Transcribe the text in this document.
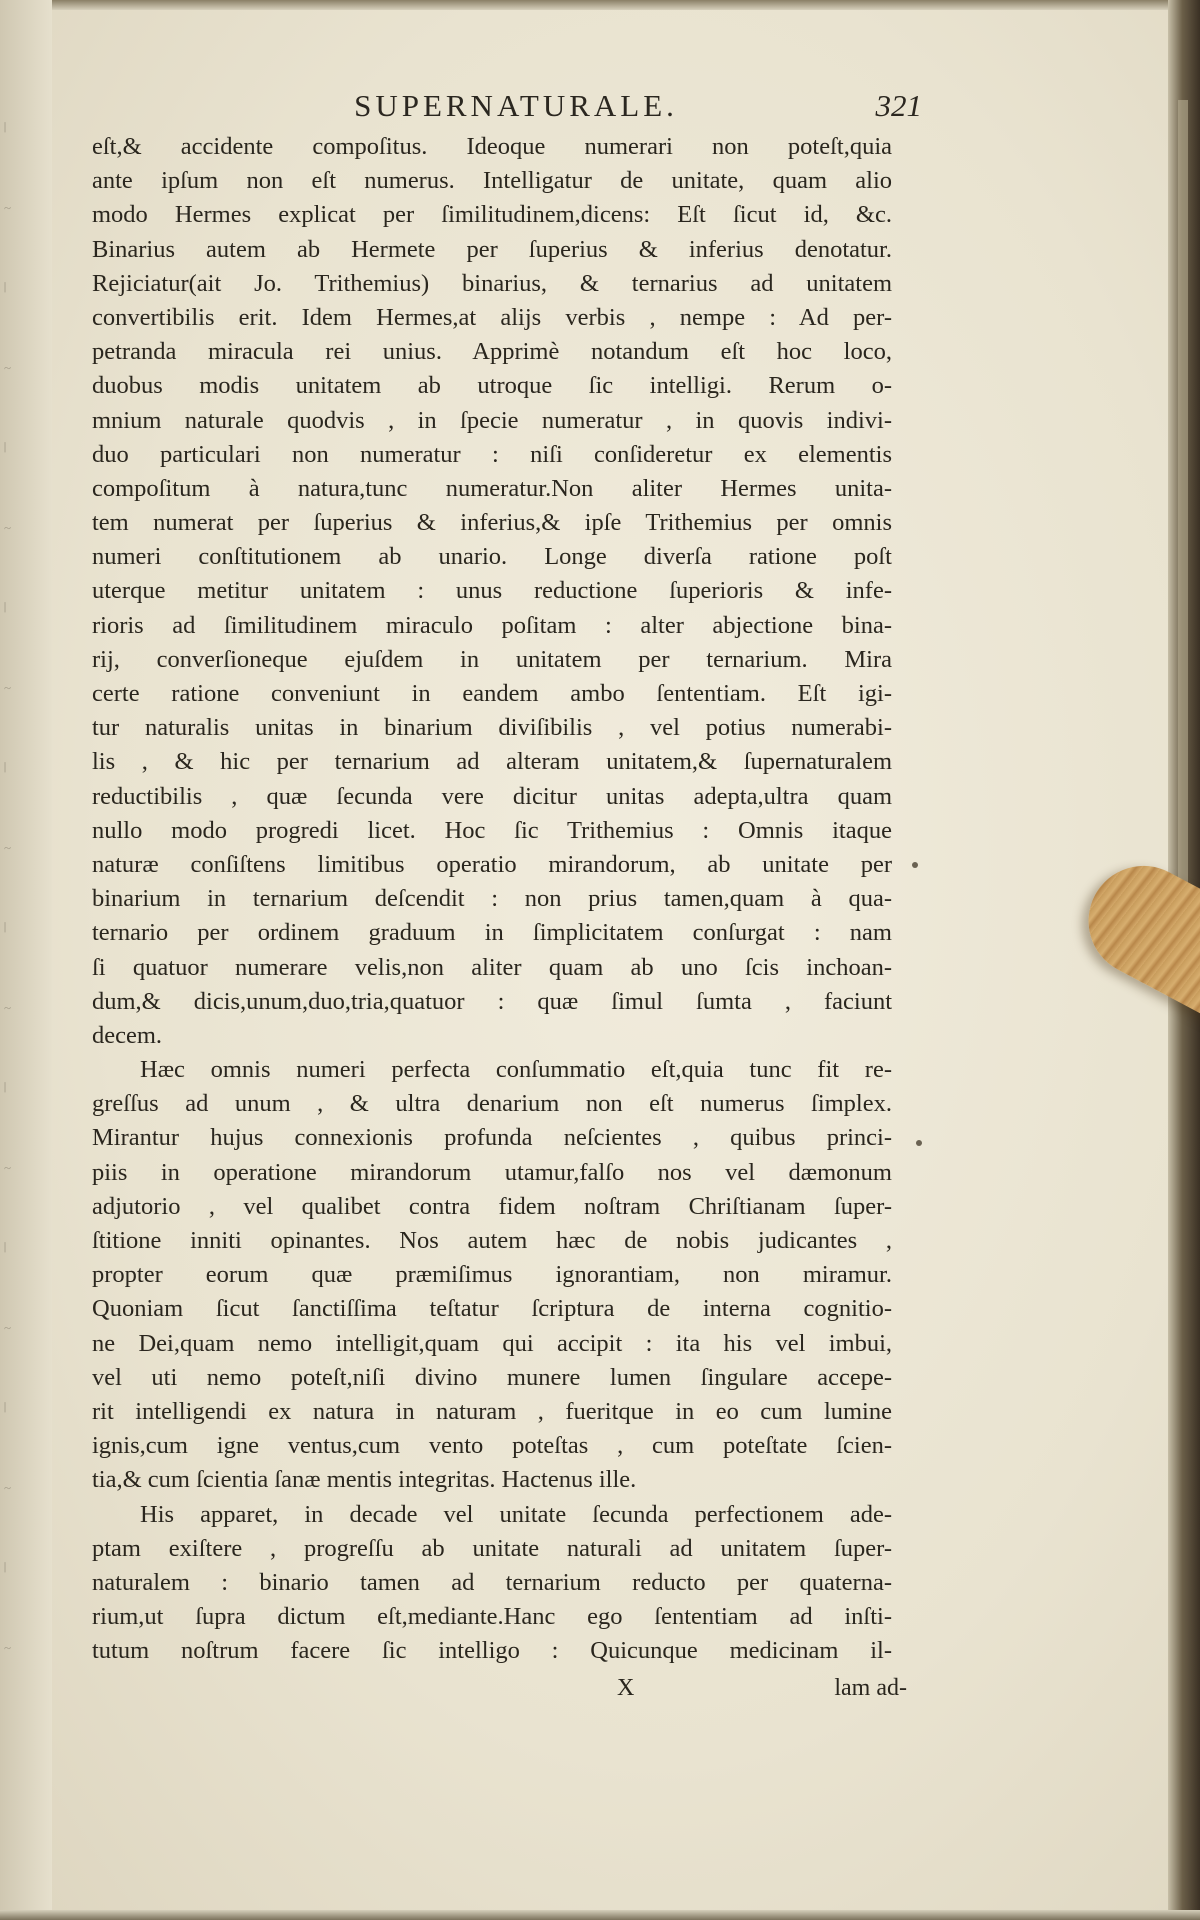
𝄁
~
𝄁
~
𝄁
~
𝄁
~
𝄁
~
𝄁
~
𝄁
~
𝄁
~
𝄁
~
𝄁
~
SUPERNATURALE.	321
eſt,& accidente compoſitus. Ideoque numerari non poteſt,quia
ante ipſum non eſt numerus. Intelligatur de unitate, quam alio
modo Hermes explicat per ſimilitudinem,dicens: Eſt ſicut id, &c.
Binarius autem ab Hermete per ſuperius & inferius denotatur.
Rejiciatur(ait Jo. Trithemius) binarius, & ternarius ad unitatem
convertibilis erit. Idem Hermes,at alijs verbis , nempe : Ad per-
petranda miracula rei unius. Apprimè notandum eſt hoc loco,
duobus modis unitatem ab utroque ſic intelligi. Rerum o-
mnium naturale quodvis , in ſpecie numeratur , in quovis indivi-
duo particulari non numeratur : niſi conſideretur ex elementis
compoſitum à natura,tunc numeratur.Non aliter Hermes unita-
tem numerat per ſuperius & inferius,& ipſe Trithemius per omnis
numeri conſtitutionem ab unario. Longe diverſa ratione poſt
uterque metitur unitatem : unus reductione ſuperioris & infe-
rioris ad ſimilitudinem miraculo poſitam : alter abjectione bina-
rij, converſioneque ejuſdem in unitatem per ternarium. Mira
certe ratione conveniunt in eandem ambo ſententiam. Eſt igi-
tur naturalis unitas in binarium diviſibilis , vel potius numerabi-
lis , & hic per ternarium ad alteram unitatem,& ſupernaturalem
reductibilis , quæ ſecunda vere dicitur unitas adepta,ultra quam
nullo modo progredi licet. Hoc ſic Trithemius : Omnis itaque
naturæ conſiſtens limitibus operatio mirandorum, ab unitate per
binarium in ternarium deſcendit : non prius tamen,quam à qua-
ternario per ordinem graduum in ſimplicitatem conſurgat : nam
ſi quatuor numerare velis,non aliter quam ab uno ſcis inchoan-
dum,& dicis,unum,duo,tria,quatuor : quæ ſimul ſumta , faciunt
decem.
Hæc omnis numeri perfecta conſummatio eſt,quia tunc fit re-
greſſus ad unum , & ultra denarium non eſt numerus ſimplex.
Mirantur hujus connexionis profunda neſcientes , quibus princi-
piis in operatione mirandorum utamur,falſo nos vel dæmonum
adjutorio , vel qualibet contra fidem noſtram Chriſtianam ſuper-
ſtitione inniti opinantes. Nos autem hæc de nobis judicantes ,
propter eorum quæ præmiſimus ignorantiam, non miramur.
Quoniam ſicut ſanctiſſima teſtatur ſcriptura de interna cognitio-
ne Dei,quam nemo intelligit,quam qui accipit : ita his vel imbui,
vel uti nemo poteſt,niſi divino munere lumen ſingulare accepe-
rit intelligendi ex natura in naturam , fueritque in eo cum lumine
ignis,cum igne ventus,cum vento poteſtas , cum poteſtate ſcien-
tia,& cum ſcientia ſanæ mentis integritas. Hactenus ille.
His apparet, in decade vel unitate ſecunda perfectionem ade-
ptam exiſtere , progreſſu ab unitate naturali ad unitatem ſuper-
naturalem : binario tamen ad ternarium reducto per quaterna-
rium,ut ſupra dictum eſt,mediante.Hanc ego ſententiam ad inſti-
tutum noſtrum facere ſic intelligo : Quicunque medicinam il-
X	lam ad-
